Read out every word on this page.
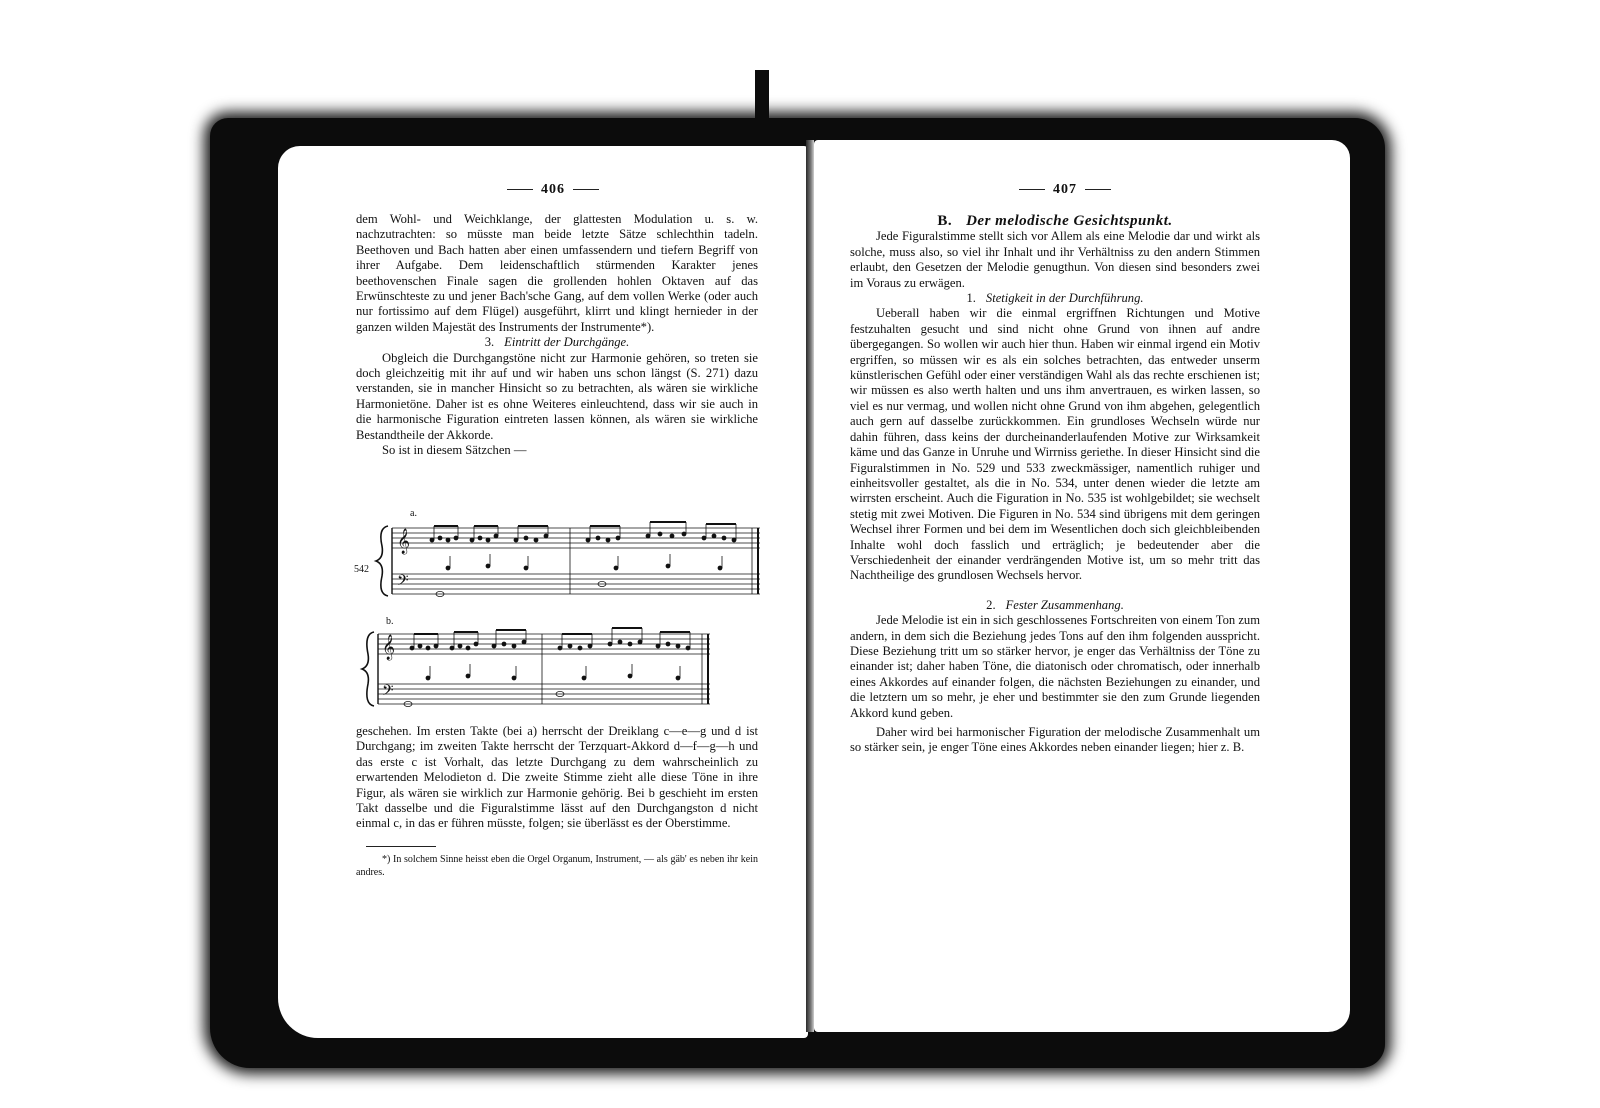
406

dem Wohl- und Weichklange, der glattesten Modulation u. s. w. nachzutrachten: so müsste man beide letzte Sätze schlechthin tadeln. Beethoven und Bach hatten aber einen umfassendern und tiefern Begriff von ihrer Aufgabe. Dem leidenschaftlich stürmenden Karakter jenes beethovenschen Finale sagen die grollenden hohlen Oktaven auf das Erwünschteste zu und jener Bach'sche Gang, auf dem vollen Werke (oder auch nur fortissimo auf dem Flügel) ausgeführt, klirrt und klingt hernieder in der ganzen wilden Majestät des Instruments der Instrumente*).

3. Eintritt der Durchgänge.

Obgleich die Durchgangstöne nicht zur Harmonie gehören, so treten sie doch gleichzeitig mit ihr auf und wir haben uns schon längst (S. 271) dazu verstanden, sie in mancher Hinsicht so zu betrachten, als wären sie wirkliche Harmonietöne. Daher ist es ohne Weiteres einleuchtend, dass wir sie auch in die harmonische Figuration eintreten lassen können, als wären sie wirkliche Bestandtheile der Akkorde.

So ist in diesem Sätzchen —

𝄞
𝄢
𝄞
𝄢
542
a.
b.

geschehen. Im ersten Takte (bei a) herrscht der Dreiklang c—e—g und d ist Durchgang; im zweiten Takte herrscht der Terzquart-Akkord d—f—g—h und das erste c ist Vorhalt, das letzte Durchgang zu dem wahrscheinlich zu erwartenden Melodieton d. Die zweite Stimme zieht alle diese Töne in ihre Figur, als wären sie wirklich zur Harmonie gehörig. Bei b geschieht im ersten Takt dasselbe und die Figuralstimme lässt auf den Durchgangston d nicht einmal c, in das er führen müsste, folgen; sie überlässt es der Oberstimme.

*) In solchem Sinne heisst eben die Orgel Organum, Instrument, — als gäb' es neben ihr kein andres.

407

B. Der melodische Gesichtspunkt.

Jede Figuralstimme stellt sich vor Allem als eine Melodie dar und wirkt als solche, muss also, so viel ihr Inhalt und ihr Verhältniss zu den andern Stimmen erlaubt, den Gesetzen der Melodie genugthun. Von diesen sind besonders zwei im Voraus zu erwägen.

1. Stetigkeit in der Durchführung.

Ueberall haben wir die einmal ergriffnen Richtungen und Motive festzuhalten gesucht und sind nicht ohne Grund von ihnen auf andre übergegangen. So wollen wir auch hier thun. Haben wir einmal irgend ein Motiv ergriffen, so müssen wir es als ein solches betrachten, das entweder unserm künstlerischen Gefühl oder einer verständigen Wahl als das rechte erschienen ist; wir müssen es also werth halten und uns ihm anvertrauen, es wirken lassen, so viel es nur vermag, und wollen nicht ohne Grund von ihm abgehen, gelegentlich auch gern auf dasselbe zurückkommen. Ein grundloses Wechseln würde nur dahin führen, dass keins der durcheinanderlaufenden Motive zur Wirksamkeit käme und das Ganze in Unruhe und Wirrniss geriethe. In dieser Hinsicht sind die Figuralstimmen in No. 529 und 533 zweckmässiger, namentlich ruhiger und einheitsvoller gestaltet, als die in No. 534, unter denen wieder die letzte am wirrsten erscheint. Auch die Figuration in No. 535 ist wohlgebildet; sie wechselt stetig mit zwei Motiven. Die Figuren in No. 534 sind übrigens mit dem geringen Wechsel ihrer Formen und bei dem im Wesentlichen doch sich gleichbleibenden Inhalte wohl doch fasslich und erträglich; je bedeutender aber die Verschiedenheit der einander verdrängenden Motive ist, um so mehr tritt das Nachtheilige des grundlosen Wechsels hervor.

2. Fester Zusammenhang.

Jede Melodie ist ein in sich geschlossenes Fortschreiten von einem Ton zum andern, in dem sich die Beziehung jedes Tons auf den ihm folgenden ausspricht. Diese Beziehung tritt um so stärker hervor, je enger das Verhältniss der Töne zu einander ist; daher haben Töne, die diatonisch oder chromatisch, oder innerhalb eines Akkordes auf einander folgen, die nächsten Beziehungen zu einander, und die letztern um so mehr, je eher und bestimmter sie den zum Grunde liegenden Akkord kund geben.

Daher wird bei harmonischer Figuration der melodische Zusammenhalt um so stärker sein, je enger Töne eines Akkordes neben einander liegen; hier z. B.
